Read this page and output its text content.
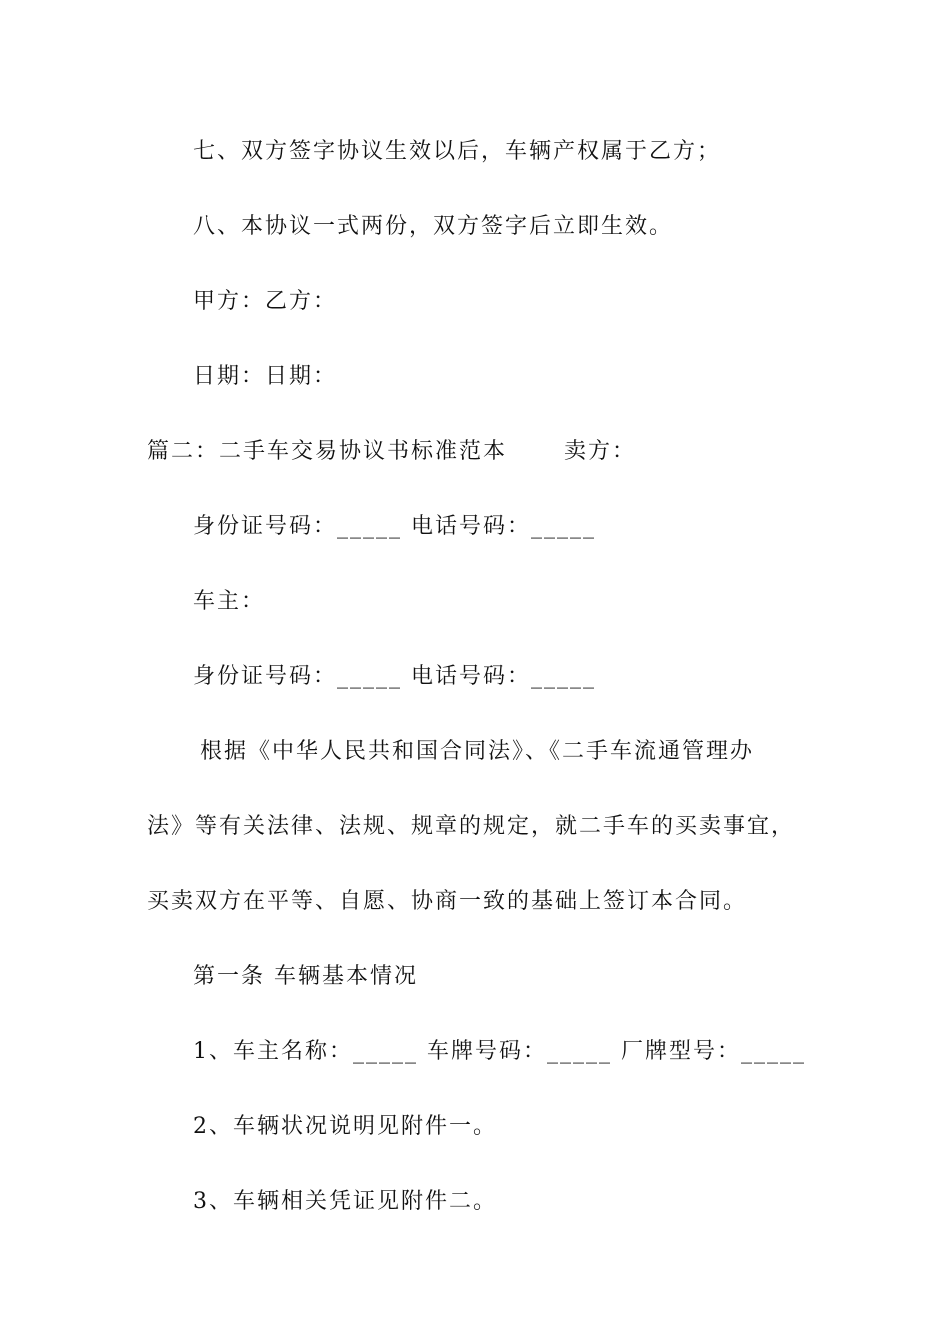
七、双方签字协议生效以后，车辆产权属于乙方；
八、本协议一式两份，双方签字后立即生效。
甲方：乙方：
日期：日期：
篇二：二手车交易协议书标准范本　　 卖方：
身份证号码：_____ 电话号码：_____
车主：
身份证号码：_____ 电话号码：_____
根据《中华人民共和国合同法》、《二手车流通管理办
法》等有关法律、法规、规章的规定，就二手车的买卖事宜，
买卖双方在平等、自愿、协商一致的基础上签订本合同。
第一条 车辆基本情况
1、车主名称：_____ 车牌号码：_____ 厂牌型号：_____
2、车辆状况说明见附件一。
3、车辆相关凭证见附件二。
